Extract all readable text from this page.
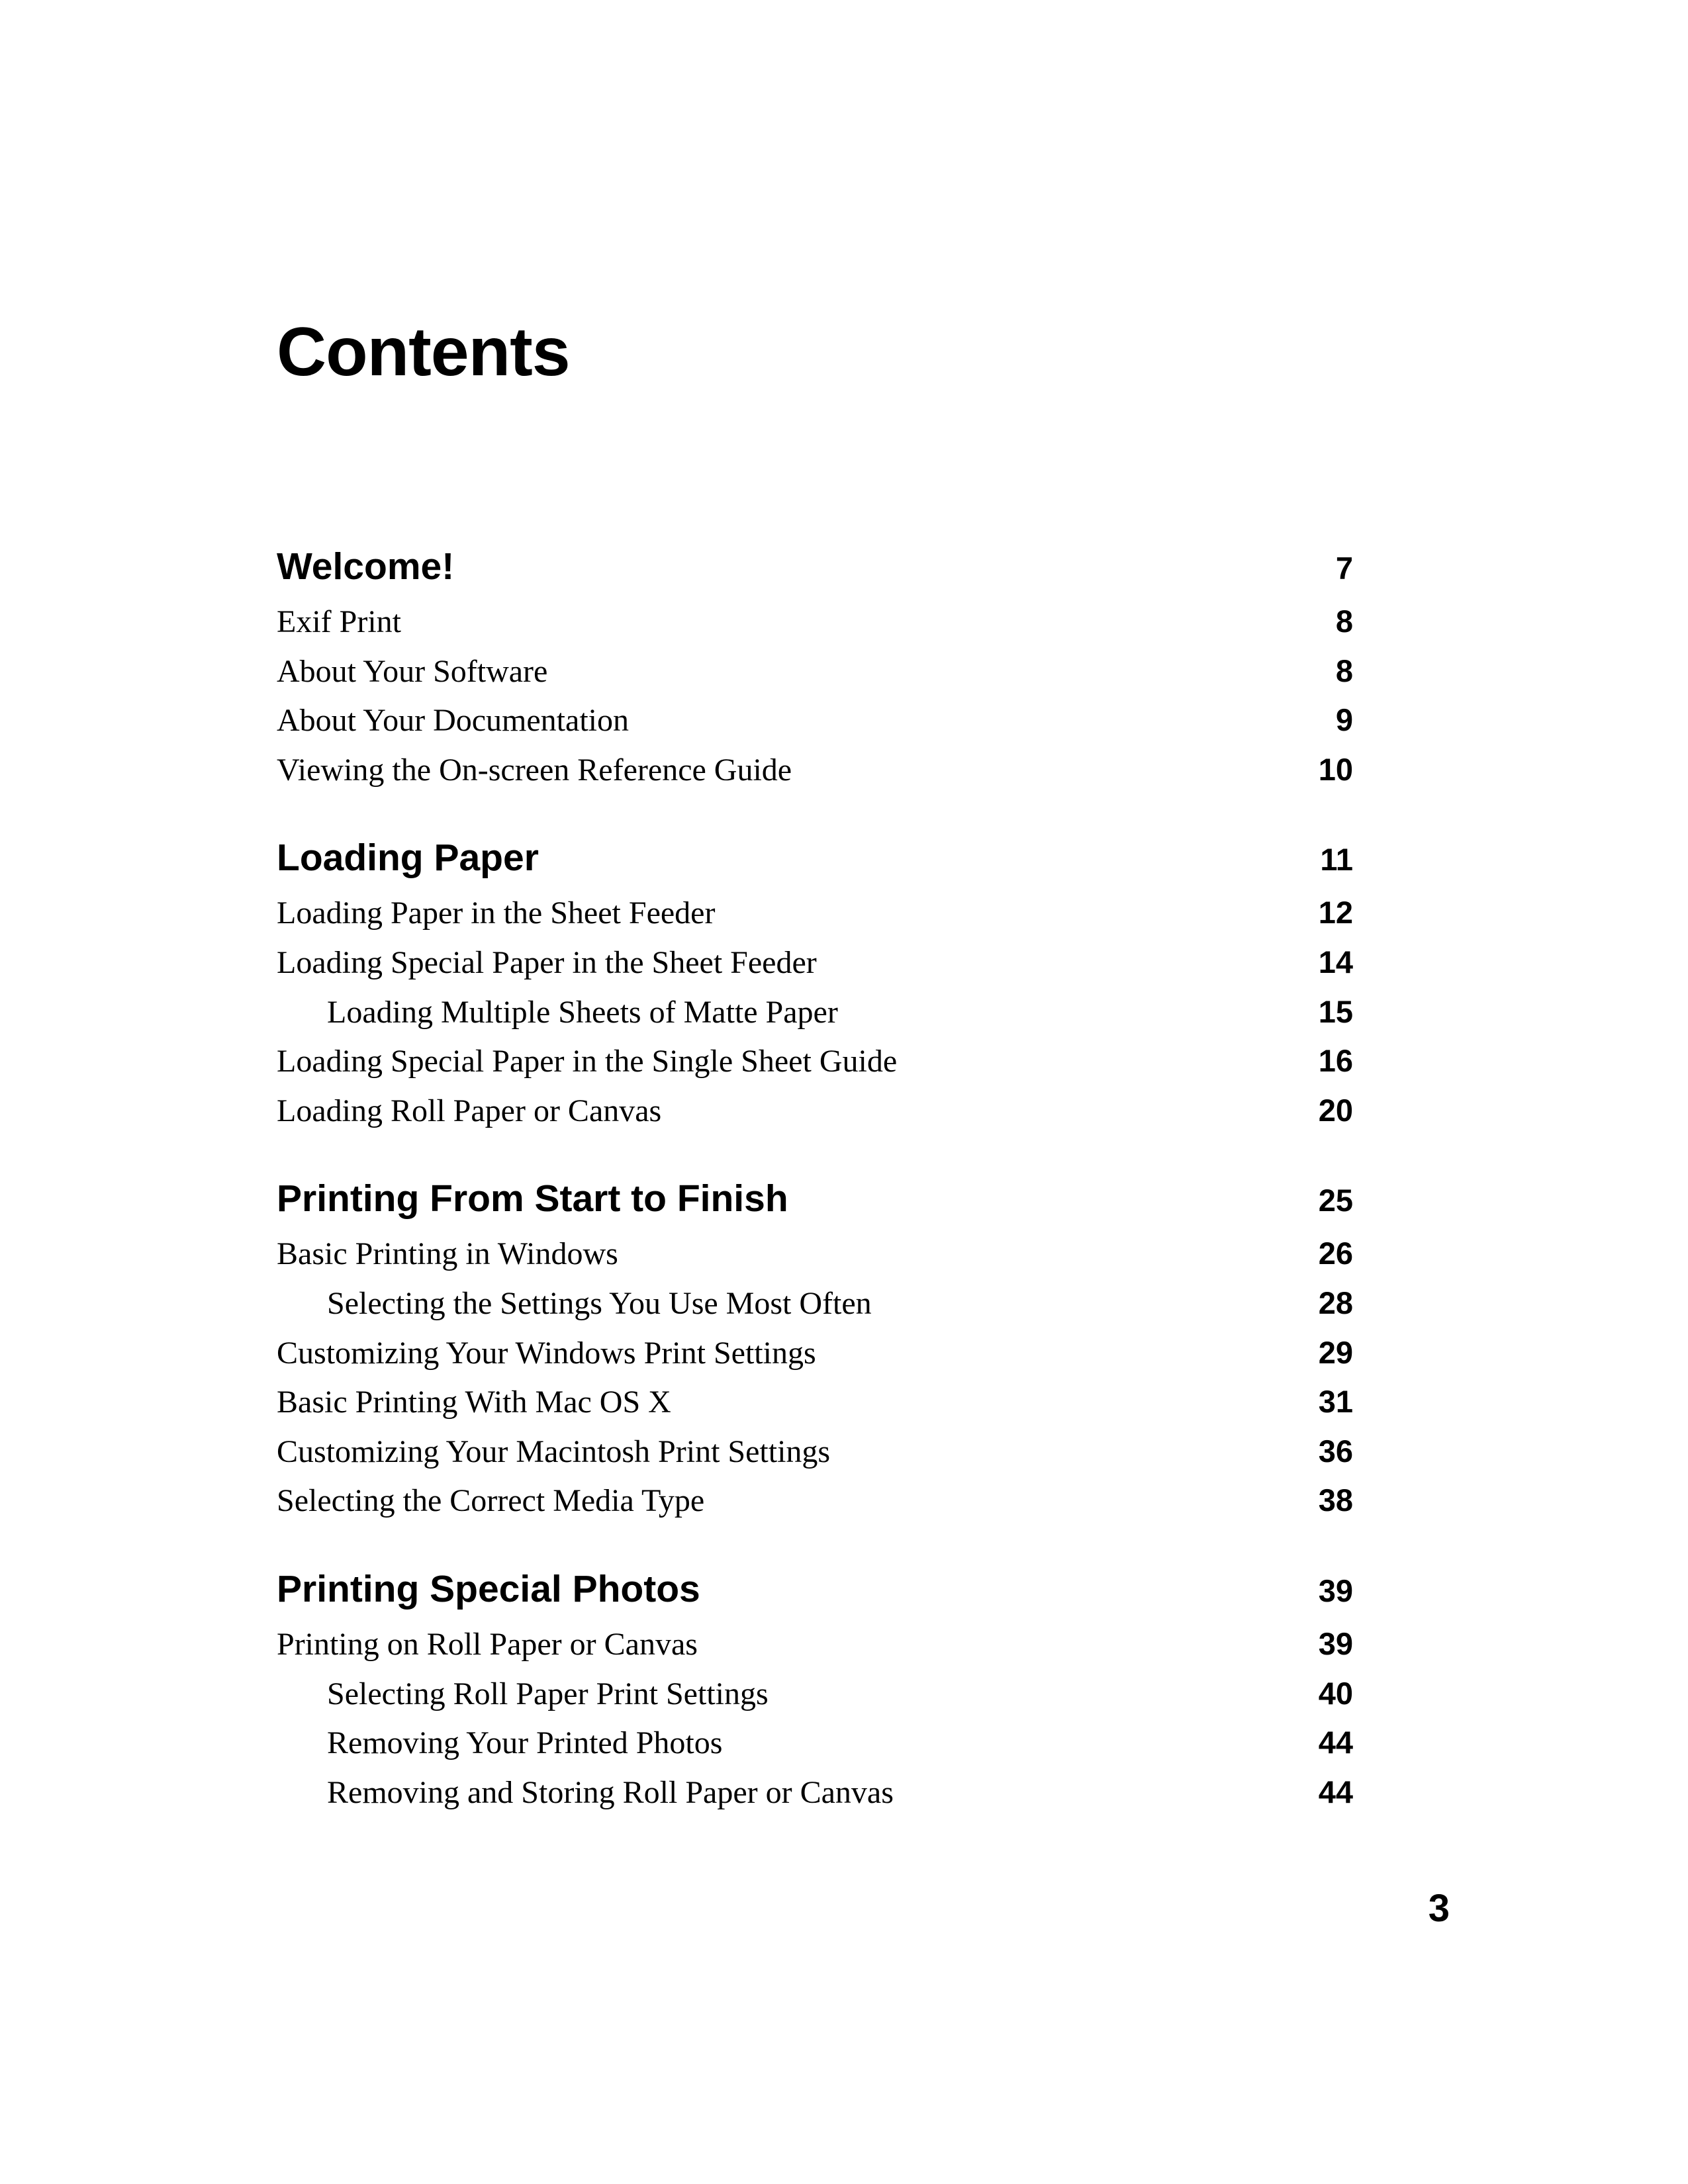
Contents
Welcome!	7
Exif Print	8
About Your Software	8
About Your Documentation	9
Viewing the On-screen Reference Guide	10
Loading Paper	11
Loading Paper in the Sheet Feeder	12
Loading Special Paper in the Sheet Feeder	14
Loading Multiple Sheets of Matte Paper	15
Loading Special Paper in the Single Sheet Guide	16
Loading Roll Paper or Canvas	20
Printing From Start to Finish	25
Basic Printing in Windows	26
Selecting the Settings You Use Most Often	28
Customizing Your Windows Print Settings	29
Basic Printing With Mac OS X	31
Customizing Your Macintosh Print Settings	36
Selecting the Correct Media Type	38
Printing Special Photos	39
Printing on Roll Paper or Canvas	39
Selecting Roll Paper Print Settings	40
Removing Your Printed Photos	44
Removing and Storing Roll Paper or Canvas	44
3
